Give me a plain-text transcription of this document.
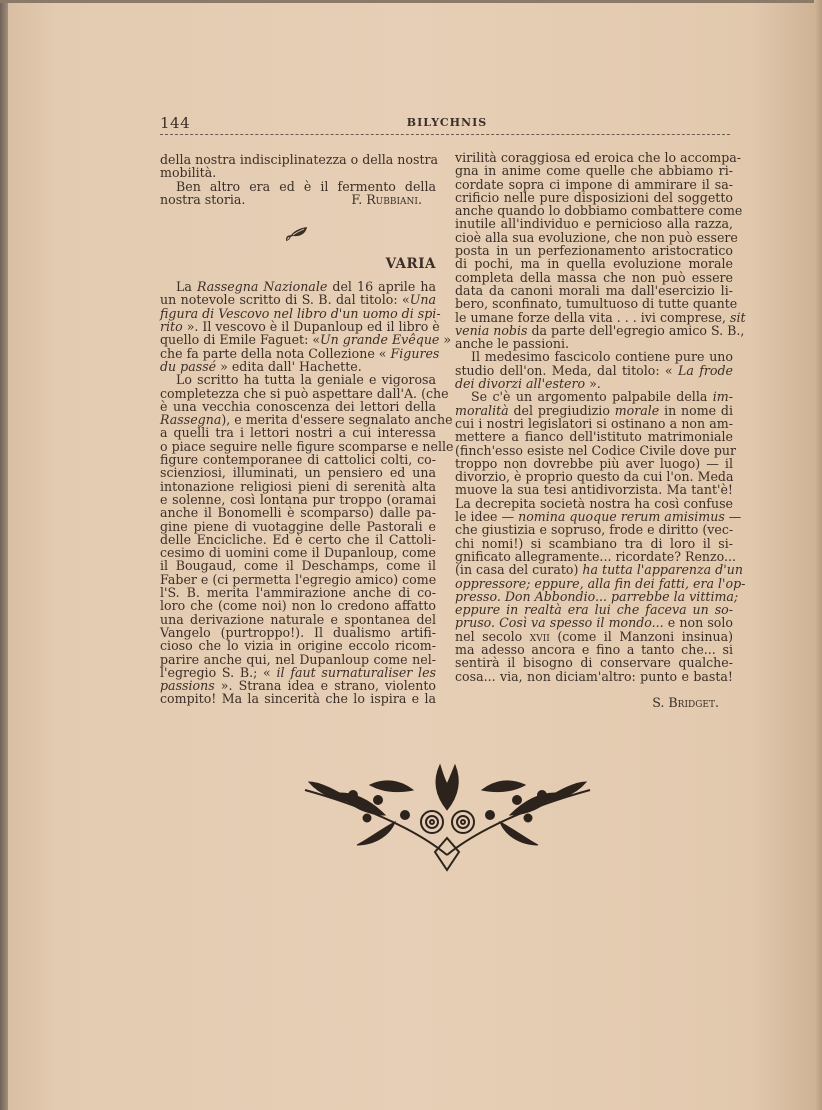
144	BILYCHNIS
della nostra indisciplinatezza o della nostra
mobilità.
Ben altro era ed è il fermento della
nostra storia.	F. Rubbiani.
VARIA
La Rassegna Nazionale del 16 aprile ha
un notevole scritto di S. B. dal titolo: «Una
figura di Vescovo nel libro d'un uomo di spi-
rito ». Il vescovo è il Dupanloup ed il libro è
quello di Emile Faguet: «Un grande Evêque »
che fa parte della nota Collezione « Figures
du passé » edita dall' Hachette.
Lo scritto ha tutta la geniale e vigorosa
completezza che si può aspettare dall'A. (che
è una vecchia conoscenza dei lettori della
Rassegna), e merita d'essere segnalato anche
a quelli tra i lettori nostri a cui interessa
o piace seguire nelle figure scomparse e nelle
figure contemporanee di cattolici colti, co-
scienziosi, illuminati, un pensiero ed una
intonazione religiosi pieni di serenità alta
e solenne, così lontana pur troppo (oramai
anche il Bonomelli è scomparso) dalle pa-
gine piene di vuotaggine delle Pastorali e
delle Encicliche. Ed è certo che il Cattoli-
cesimo di uomini come il Dupanloup, come
il Bougaud, come il Deschamps, come il
Faber e (ci permetta l'egregio amico) come
l'S. B. merita l'ammirazione anche di co-
loro che (come noi) non lo credono affatto
una derivazione naturale e spontanea del
Vangelo (purtroppo!). Il dualismo artifi-
cioso che lo vizia in origine eccolo ricom-
parire anche qui, nel Dupanloup come nel-
l'egregio S. B.; « il faut surnaturaliser les
passions ». Strana idea e strano, violento
compito! Ma la sincerità che lo ispira e la
virilità coraggiosa ed eroica che lo accompa-
gna in anime come quelle che abbiamo ri-
cordate sopra ci impone di ammirare il sa-
crificio nelle pure disposizioni del soggetto
anche quando lo dobbiamo combattere come
inutile all'individuo e pernicioso alla razza,
cioè alla sua evoluzione, che non può essere
posta in un perfezionamento aristocratico
di pochi, ma in quella evoluzione morale
completa della massa che non può essere
data da canoni morali ma dall'esercizio li-
bero, sconfinato, tumultuoso di tutte quante
le umane forze della vita . . . ivi comprese, sit
venia nobis da parte dell'egregio amico S. B.,
anche le passioni.
Il medesimo fascicolo contiene pure uno
studio dell'on. Meda, dal titolo: « La frode
dei divorzi all'estero ».
Se c'è un argomento palpabile della im-
moralità del pregiudizio morale in nome di
cui i nostri legislatori si ostinano a non am-
mettere a fianco dell'istituto matrimoniale
(finch'esso esiste nel Codice Civile dove pur
troppo non dovrebbe più aver luogo) — il
divorzio, è proprio questo da cui l'on. Meda
muove la sua tesi antidivorzista. Ma tant'è!
La decrepita società nostra ha così confuse
le idee — nomina quoque rerum amisimus —
che giustizia e sopruso, frode e diritto (vec-
chi nomi!) si scambiano tra di loro il si-
gnificato allegramente... ricordate? Renzo...
(in casa del curato) ha tutta l'apparenza d'un
oppressore; eppure, alla fin dei fatti, era l'op-
presso. Don Abbondio... parrebbe la vittima;
eppure in realtà era lui che faceva un so-
pruso. Così va spesso il mondo... e non solo
nel secolo xvii (come il Manzoni insinua)
ma adesso ancora e fino a tanto che... si
sentirà il bisogno di conservare qualche-
cosa... via, non diciam'altro: punto e basta!
S. Bridget.
